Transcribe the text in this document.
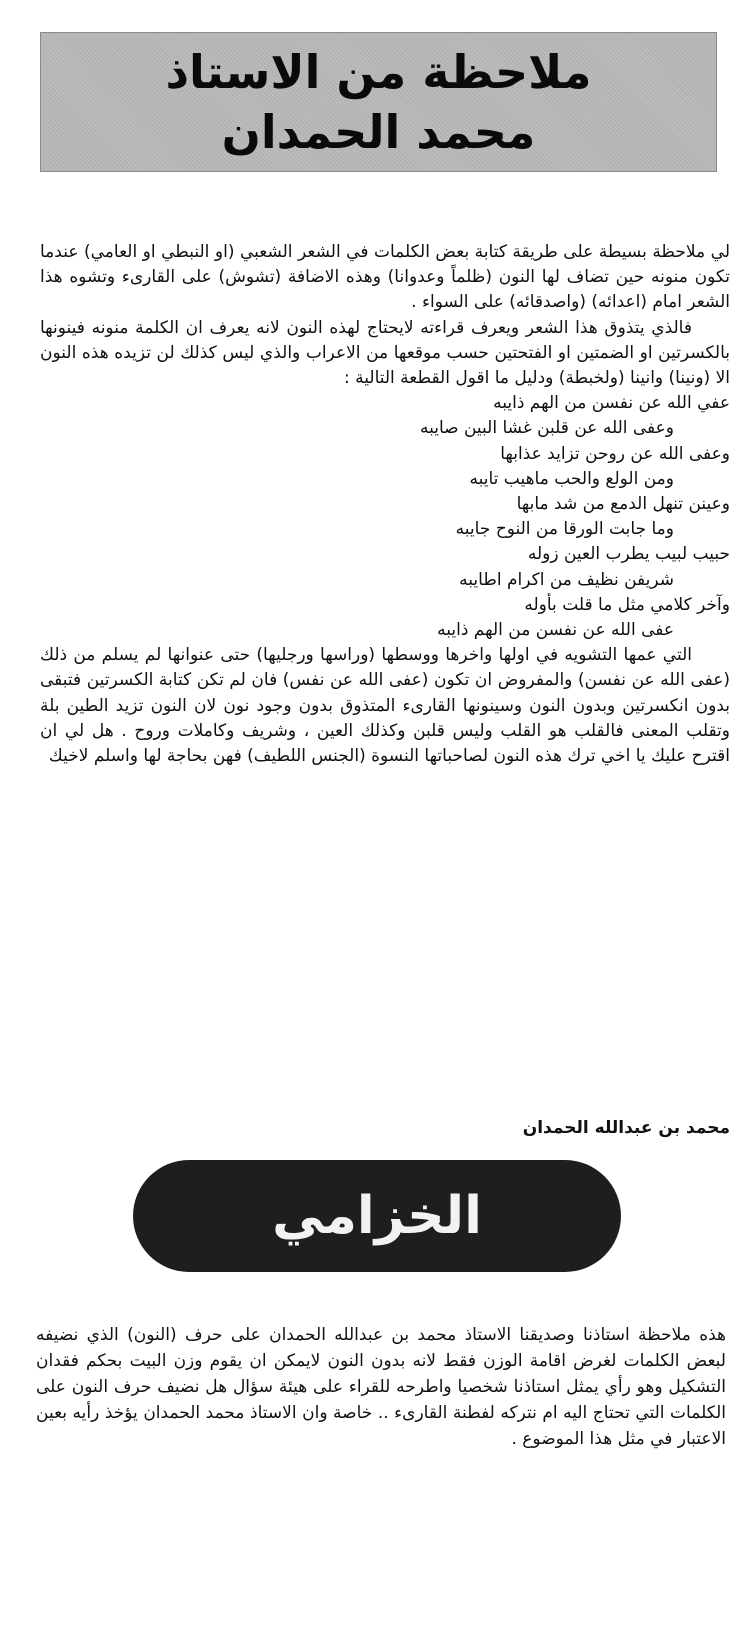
ملاحظة من الاستاذ
محمد الحمدان

لي ملاحظة بسيطة على طريقة كتابة بعض الكلمات في الشعر الشعبي (او النبطي او العامي) عندما تكون منونه حين تضاف لها النون (ظلماً وعدوانا) وهذه الاضافة (تشوش) على القارىء وتشوه هذا الشعر امام (اعدائه) (واصدقائه) على السواء .

فالذي يتذوق هذا الشعر ويعرف قراءته لايحتاج لهذه النون لانه يعرف ان الكلمة منونه فينونها بالكسرتين او الضمتين او الفتحتين حسب موقعها من الاعراب والذي ليس كذلك لن تزيده هذه النون الا (ونينا) وانينا (ولخبطة) ودليل ما اقول القطعة التالية :

عفي الله عن نفسن من الهم ذايبه
وعفى الله عن قلبن غشا البين صايبه
وعفى الله عن روحن تزايد عذابها
ومن الولع والحب ماهيب تايبه
وعينن تنهل الدمع من شد مابها
وما جابت الورقا من النوح جايبه
حبيب لبيب يطرب العين زوله
شريفن نظيف من اكرام اطايبه
وآخر كلامي مثل ما قلت بأوله
عفى الله عن نفسن من الهم ذايبه

التي عمها التشويه في اولها واخرها ووسطها (وراسها ورجليها) حتى عنوانها لم يسلم من ذلك (عفى الله عن نفسن) والمفروض ان تكون (عفى الله عن نفس) فان لم تكن كتابة الكسرتين فتبقى بدون انكسرتين وبدون النون وسينونها القارىء المتذوق بدون وجود نون لان النون تزيد الطين بلة وتقلب المعنى فالقلب هو القلب وليس قلبن وكذلك العين ، وشريف وكاملات وروح . هل لي ان اقترح عليك يا اخي ترك هذه النون لصاحباتها النسوة (الجنس اللطيف) فهن بحاجة لها واسلم لاخيك

محمد بن عبدالله الحمدان
الخزامي

هذه ملاحظة استاذنا وصديقنا الاستاذ محمد بن عبدالله الحمدان على حرف (النون) الذي نضيفه لبعض الكلمات لغرض اقامة الوزن فقط لانه بدون النون لايمكن ان يقوم وزن البيت بحكم فقدان التشكيل وهو رأي يمثل استاذنا شخصيا واطرحه للقراء على هيئة سؤال هل نضيف حرف النون على الكلمات التي تحتاج اليه ام نتركه لفطنة القارىء .. خاصة وان الاستاذ محمد الحمدان يؤخذ رأيه بعين الاعتبار في مثل هذا الموضوع .
